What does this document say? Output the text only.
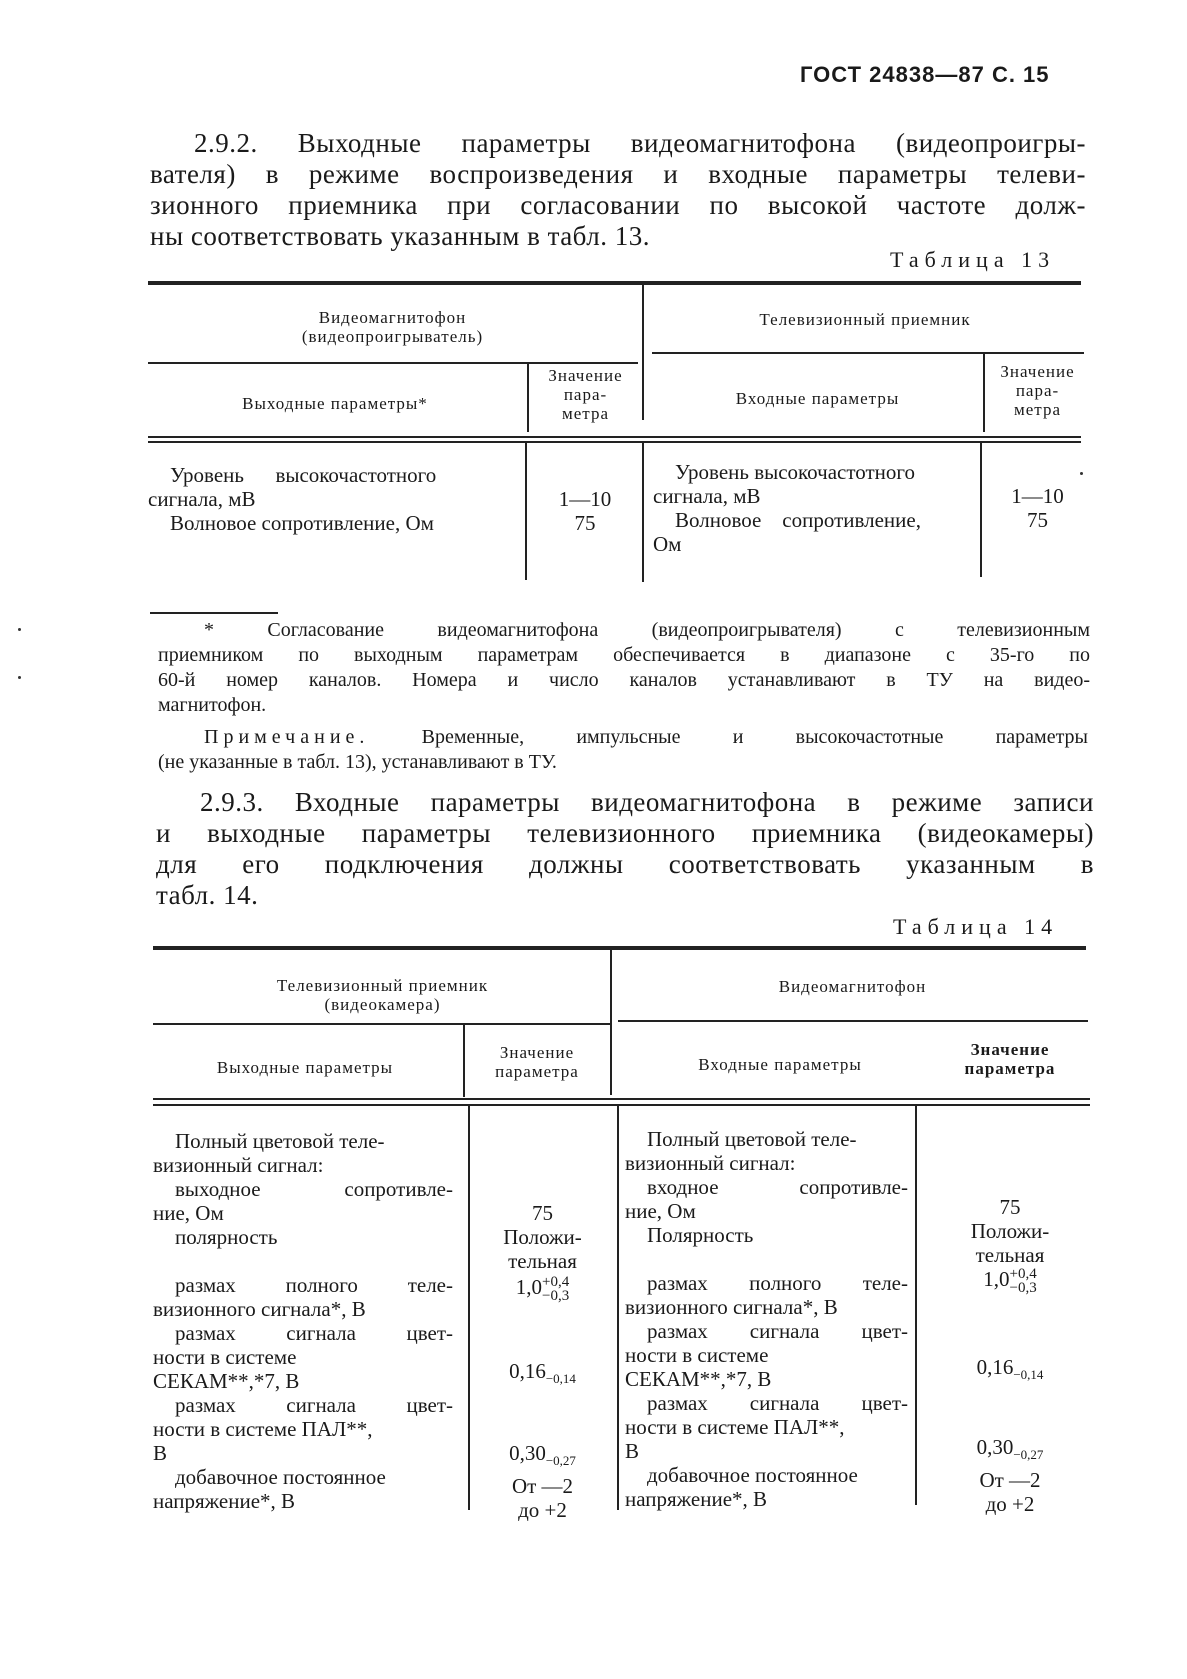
ГОСТ 24838—87 С. 15
2.9.2. Выходные параметры видеомагнитофона (видеопроигры-
вателя) в режиме воспроизведения и входные параметры телеви-
зионного приемника при согласовании по высокой частоте долж-
ны соответствовать указанным в табл. 13.
Таблица 13
Видеомагнитофон
(видеопроигрыватель)
Телевизионный приемник
Выходные параметры*
Значение
пара-
метра
Входные параметры
Значение
пара-
метра
Уровень      высокочастотного
сигнала, мВ
Волновое сопротивление, Ом
1—10
75
Уровень высокочастотного
сигнала, мВ
Волновое    сопротивление,
Ом
1—10
75
* Согласование видеомагнитофона (видеопроигрывателя) с телевизионным
приемником по выходным параметрам обеспечивается в диапазоне с 35-го по
60-й номер каналов. Номера и число каналов устанавливают в ТУ на видео-
магнитофон.
Примечание.	Временные, импульсные и высокочастотные параметры
(не указанные в табл. 13), устанавливают в ТУ.
2.9.3. Входные параметры видеомагнитофона в режиме записи
и выходные параметры телевизионного приемника (видеокамеры)
для его подключения должны соответствовать указанным в
табл. 14.
Таблица 14
Телевизионный приемник
(видеокамера)
Видеомагнитофон
Выходные параметры
Значение
параметра	Входные параметры
Значение
параметра
Полный цветовой теле-
визионный сигнал:
выходное сопротивле-
ние, Ом
полярность
размах полного теле-
визионного сигнала*, В
размах сигнала цвет-
ности в системе
СЕКАМ**,*7, В
размах сигнала цвет-
ности в системе ПАЛ**,
В
добавочное постоянное
напряжение*, В
75
Положи-
тельная
1,0+0,4
−0,3
$0,16_{-0,14}$
$0,30_{-0,27}$
От —2
до +2
Полный цветовой теле-
визионный сигнал:
входное сопротивле-
ние, Ом
Полярность
размах полного теле-
визионного сигнала*, В
размах сигнала цвет-
ности в системе
СЕКАМ**,*7, В
размах сигнала цвет-
ности в системе ПАЛ**,
В
добавочное постоянное
напряжение*, В
75
Положи-
тельная
1,0+0,4
−0,3
$0,16_{-0,14}$
$0,30_{-0,27}$
От —2
до +2
